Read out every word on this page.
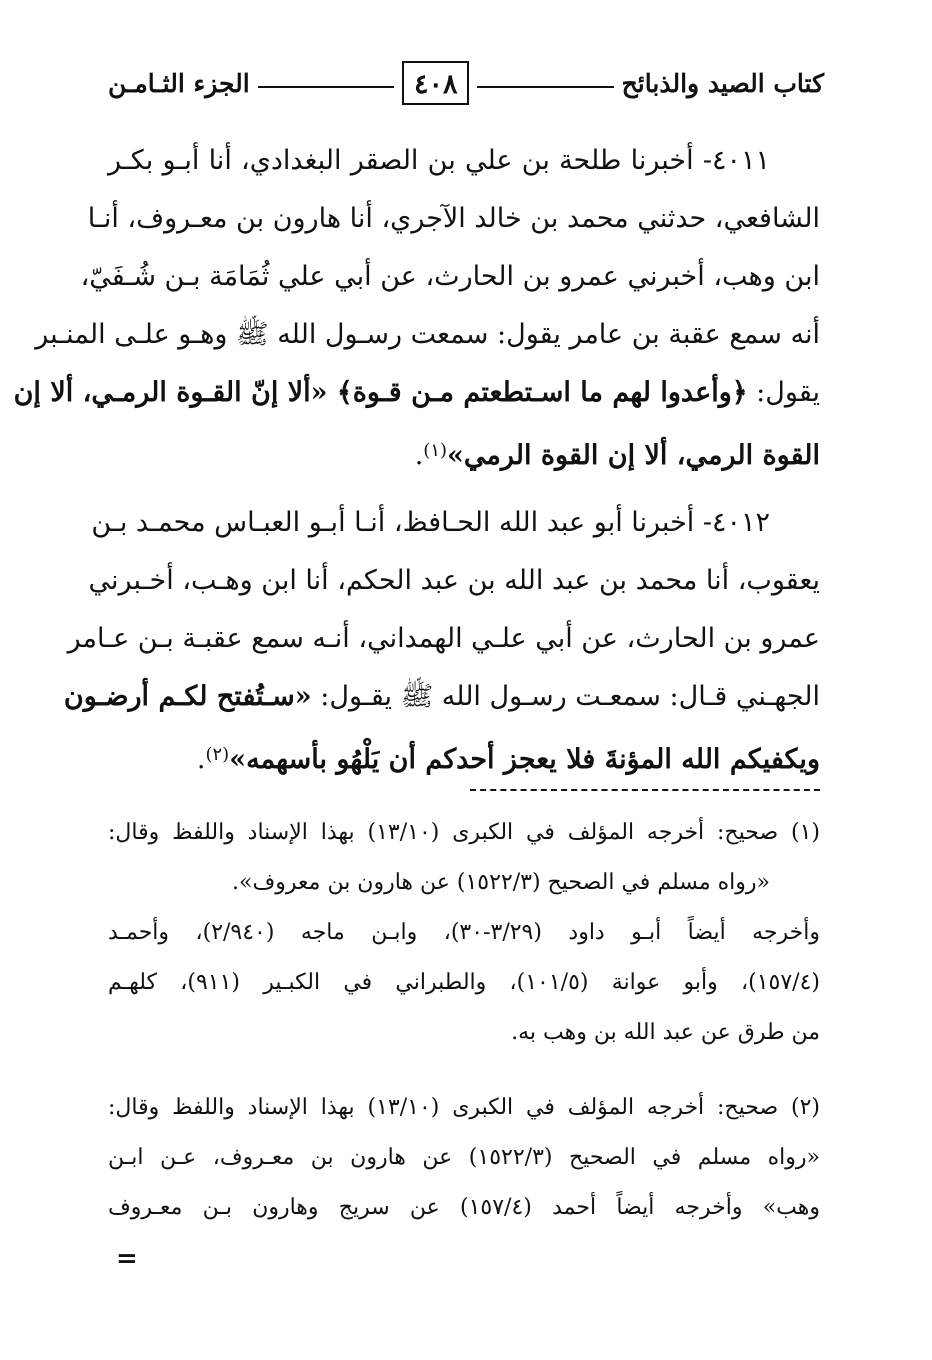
كتاب الصيد والذبائح
٤٠٨
الجزء الثـامـن
٤٠١١- أخبرنا طلحة بن علي بن الصقر البغدادي، أنا أبـو بكـر
الشافعي، حدثني محمد بن خالد الآجري، أنا هارون بن معـروف، أنـا
ابن وهب، أخبرني عمرو بن الحارث، عن أبي علي ثُمَامَة بـن شُـفَيّ،
أنه سمع عقبة بن عامر يقول: سمعت رسـول الله ﷺ وهـو علـى المنـبر
يقول: ﴿وأعدوا لهم ما اسـتطعتم مـن قـوة﴾ «ألا إنّ القـوة الرمـي، ألا إن
القوة الرمي، ألا إن القوة الرمي»$^{(١)}$.
٤٠١٢- أخبرنا أبو عبد الله الحـافظ، أنـا أبـو العبـاس محمـد بـن
يعقوب، أنا محمد بن عبد الله بن عبد الحكم، أنا ابن وهـب، أخـبرني
عمرو بن الحارث، عن أبي علـي الهمداني، أنـه سمع عقبـة بـن عـامر
الجهـني قـال: سمعـت رسـول الله ﷺ يقـول: «سـتُفتح لكـم أرضـون
ويكفيكم الله المؤنةَ فلا يعجز أحدكم أن يَلْهُو بأسهمه»$^{(٢)}$.
(١) صحيح: أخرجه المؤلف في الكبرى (١٣/١٠) بهذا الإسناد واللفظ وقال:
«رواه مسلم في الصحيح (١٥٢٢/٣) عن هارون بن معروف».
وأخرجه أيضاً أبـو داود (٣/٢٩-٣٠)، وابـن ماجه (٢/٩٤٠)، وأحمـد
(١٥٧/٤)، وأبو عوانة (١٠١/٥)، والطبراني في الكبـير (٩١١)، كلهـم
من طرق عن عبد الله بن وهب به.
(٢) صحيح: أخرجه المؤلف في الكبرى (١٣/١٠) بهذا الإسناد واللفظ وقال:
«رواه مسلم في الصحيح (١٥٢٢/٣) عن هارون بن معـروف، عـن ابـن
وهب» وأخرجه أيضاً أحمد (١٥٧/٤) عن سريج وهارون بـن معـروف
=
